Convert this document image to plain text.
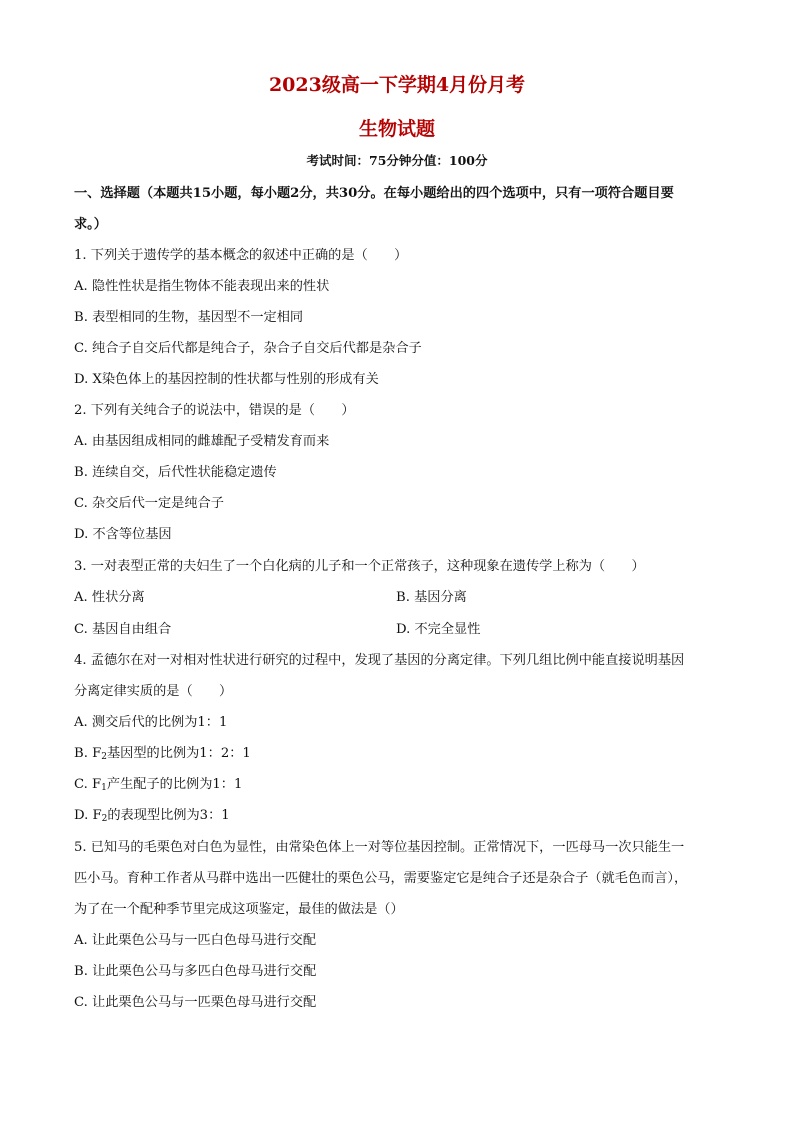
2023级高一下学期4月份月考
生物试题
考试时间：75分钟分值：100分
一、选择题（本题共15小题，每小题2分，共30分。在每小题给出的四个选项中，只有一项符合题目要
求。）
1. 下列关于遗传学的基本概念的叙述中正确的是（　　）
A. 隐性性状是指生物体不能表现出来的性状
B. 表型相同的生物，基因型不一定相同
C. 纯合子自交后代都是纯合子，杂合子自交后代都是杂合子
D. X染色体上的基因控制的性状都与性别的形成有关
2. 下列有关纯合子的说法中，错误的是（　　）
A. 由基因组成相同的雌雄配子受精发育而来
B. 连续自交，后代性状能稳定遗传
C. 杂交后代一定是纯合子
D. 不含等位基因
3. 一对表型正常的夫妇生了一个白化病的儿子和一个正常孩子，这种现象在遗传学上称为（　　）
A. 性状分离	B. 基因分离
C. 基因自由组合	D. 不完全显性
4. 孟德尔在对一对相对性状进行研究的过程中，发现了基因的分离定律。下列几组比例中能直接说明基因
分离定律实质的是（　　）
A. 测交后代的比例为1：1
B. $F_2$基因型的比例为1：2：1
C. $F_1$产生配子的比例为1：1
D. $F_2$的表现型比例为3：1
5. 已知马的毛栗色对白色为显性，由常染色体上一对等位基因控制。正常情况下，一匹母马一次只能生一
匹小马。育种工作者从马群中选出一匹健壮的栗色公马，需要鉴定它是纯合子还是杂合子（就毛色而言），
为了在一个配种季节里完成这项鉴定，最佳的做法是（）
A. 让此栗色公马与一匹白色母马进行交配
B. 让此栗色公马与多匹白色母马进行交配
C. 让此栗色公马与一匹栗色母马进行交配
